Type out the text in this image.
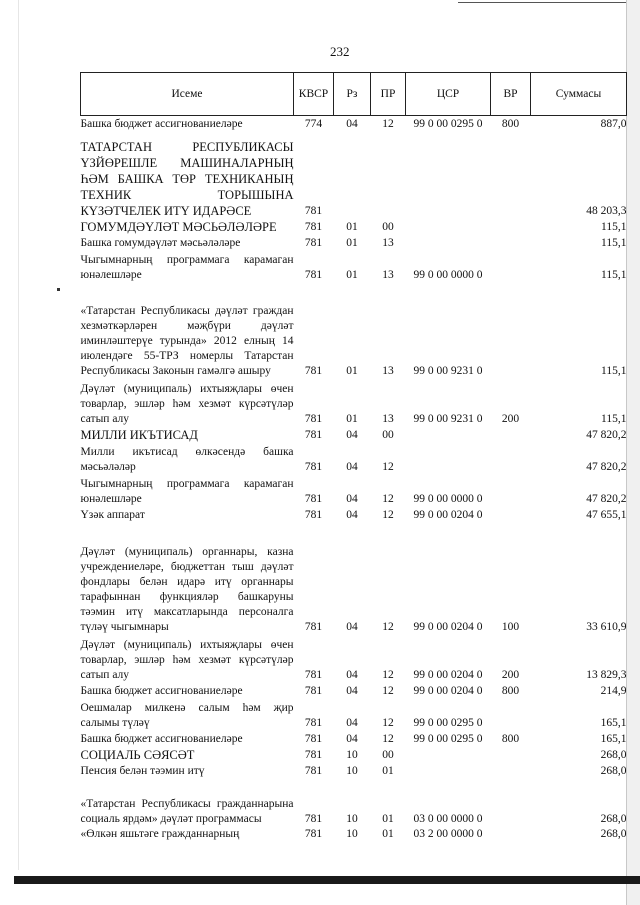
232
Исеме	КВСР	Рз	ПР	ЦСР	ВР	Суммасы
Башка бюджет ассигнованиеләре	774	04	12	99 0 00 0295 0	800	887,0
ТАТАРСТАН РЕСПУБЛИКАСЫ ҮЗЙӨРЕШЛЕ МАШИНАЛАРНЫҢ ҺӘМ БАШКА ТӨР ТЕХНИКАНЫҢ ТЕХНИК ТОРЫШЫНА КҮЗӘТЧЕЛЕК ИТҮ ИДАРӘСЕ	781					48 203,3
ГОМУМДӘҮЛӘТ МӘСЬӘЛӘЛӘРЕ	781	01	00			115,1
Башка гомумдәүләт мәсьәләләре	781	01	13			115,1
Чыгымнарның программага карамаган юнәлешләре	781	01	13	99 0 00 0000 0		115,1
«Татарстан Республикасы дәүләт граждан хезмәткәрләрен мәҗбүри дәүләт иминләштерүе турында» 2012 елның 14 июлендәге 55-ТРЗ номерлы Татарстан Республикасы Законын гамәлгә ашыру	781	01	13	99 0 00 9231 0		115,1
Дәүләт (муниципаль) ихтыяҗлары өчен товарлар, эшләр һәм хезмәт күрсәтүләр сатып алу	781	01	13	99 0 00 9231 0	200	115,1
МИЛЛИ ИКЪТИСАД	781	04	00			47 820,2
Милли икътисад өлкәсендә башка мәсьәләләр	781	04	12			47 820,2
Чыгымнарның программага карамаган юнәлешләре	781	04	12	99 0 00 0000 0		47 820,2
Үзәк аппарат	781	04	12	99 0 00 0204 0		47 655,1
Дәүләт (муниципаль) органнары, казна учреждениеләре, бюджеттан тыш дәүләт фондлары белән идарә итү органнары тарафыннан функцияләр башкаруны тәэмин итү максатларында персоналга түләү чыгымнары	781	04	12	99 0 00 0204 0	100	33 610,9
Дәүләт (муниципаль) ихтыяҗлары өчен товарлар, эшләр һәм хезмәт күрсәтүләр сатып алу	781	04	12	99 0 00 0204 0	200	13 829,3
Башка бюджет ассигнованиеләре	781	04	12	99 0 00 0204 0	800	214,9
Оешмалар милкенә салым һәм җир салымы түләү	781	04	12	99 0 00 0295 0		165,1
Башка бюджет ассигнованиеләре	781	04	12	99 0 00 0295 0	800	165,1
СОЦИАЛЬ СӘЯСӘТ	781	10	00			268,0
Пенсия белән тәэмин итү	781	10	01			268,0
«Татарстан Республикасы гражданнарына социаль ярдәм» дәүләт программасы	781	10	01	03 0 00 0000 0		268,0
«Өлкән яшьтәге гражданнарның	781	10	01	03 2 00 0000 0		268,0
